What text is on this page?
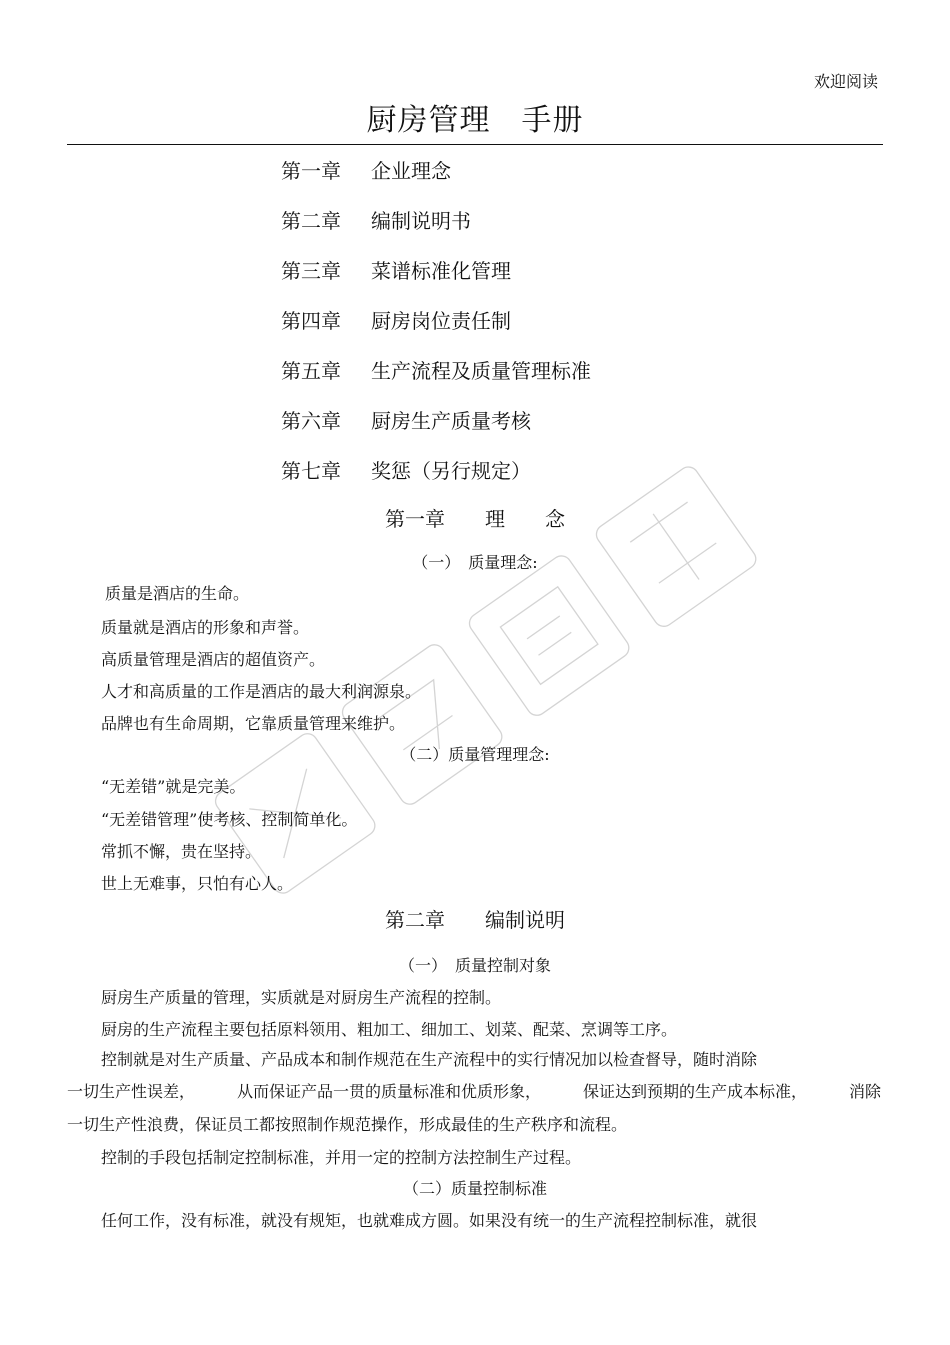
欢迎阅读
厨房管理　手册
第一章 企业理念
第二章 编制说明书
第三章 菜谱标准化管理
第四章 厨房岗位责任制
第五章 生产流程及质量管理标准
第六章 厨房生产质量考核
第七章 奖惩（另行规定）
第一章　　理　　念
（一）　质量理念:
质量是酒店的生命。
质量就是酒店的形象和声誉。
高质量管理是酒店的超值资产。
人才和高质量的工作是酒店的最大利润源泉。
品牌也有生命周期，它靠质量管理来维护。
（二）质量管理理念:
“无差错”就是完美。
“无差错管理”使考核、控制简单化。
常抓不懈，贵在坚持。
世上无难事，只怕有心人。
第二章　　编制说明
（一）　质量控制对象
厨房生产质量的管理，实质就是对厨房生产流程的控制。
厨房的生产流程主要包括原料领用、粗加工、细加工、划菜、配菜、烹调等工序。
控制就是对生产质量、产品成本和制作规范在生产流程中的实行情况加以检查督导，随时消除
一切生产性误差，	从而保证产品一贯的质量标准和优质形象，	保证达到预期的生产成本标准，	消除
一切生产性浪费，保证员工都按照制作规范操作，形成最佳的生产秩序和流程。
控制的手段包括制定控制标准，并用一定的控制方法控制生产过程。
（二）质量控制标准
任何工作，没有标准，就没有规矩，也就难成方圆。如果没有统一的生产流程控制标准，就很
